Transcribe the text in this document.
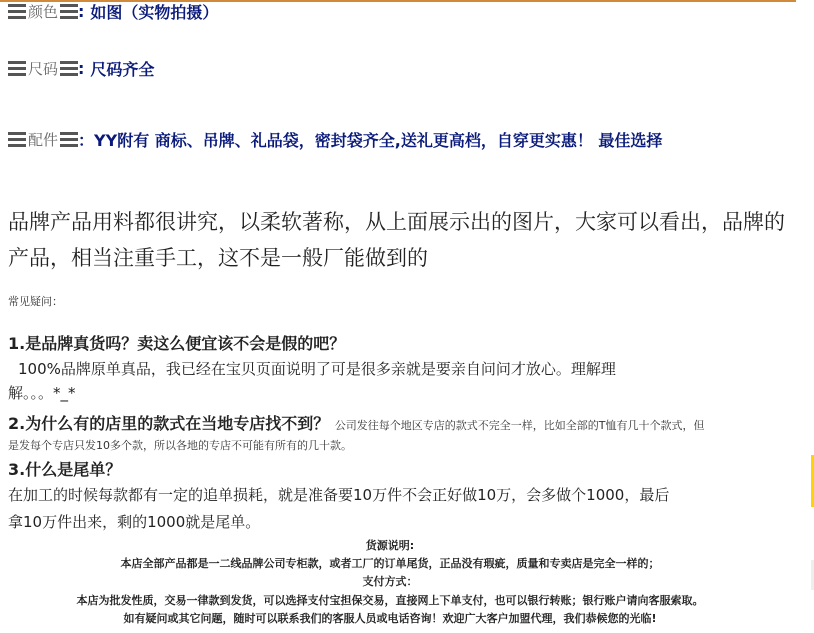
颜色 : 如图（实物拍摄）
尺码 : 尺码齐全
配件 ： YY附有 商标、吊牌、礼品袋，密封袋齐全,送礼更高档，自穿更实惠！ 最佳选择
品牌产品用料都很讲究，以柔软著称，从上面展示出的图片，大家可以看出，品牌的产品，相当注重手工，这不是一般厂能做到的
常见疑问：
1.是品牌真货吗？卖这么便宜该不会是假的吧？
100%品牌原单真品，我已经在宝贝页面说明了可是很多亲就是要亲自问问才放心。理解理
解。。。*_*
2.为什么有的店里的款式在当地专店找不到？ 公司发往每个地区专店的款式不完全一样，比如全部的T恤有几十个款式，但
是发每个专店只发10多个款，所以各地的专店不可能有所有的几十款。
3.什么是尾单？
在加工的时候每款都有一定的追单损耗，就是准备要10万件不会正好做10万，会多做个1000，最后
拿10万件出来，剩的1000就是尾单。
货源说明:
本店全部产品都是一二线品牌公司专柜款，或者工厂的订单尾货，正品没有瑕疵，质量和专卖店是完全一样的；
支付方式：
本店为批发性质，交易一律款到发货，可以选择支付宝担保交易，直接网上下单支付，也可以银行转账；银行账户请向客服索取。
如有疑问或其它问题，随时可以联系我们的客服人员或电话咨询！欢迎广大客户加盟代理，我们恭候您的光临!
